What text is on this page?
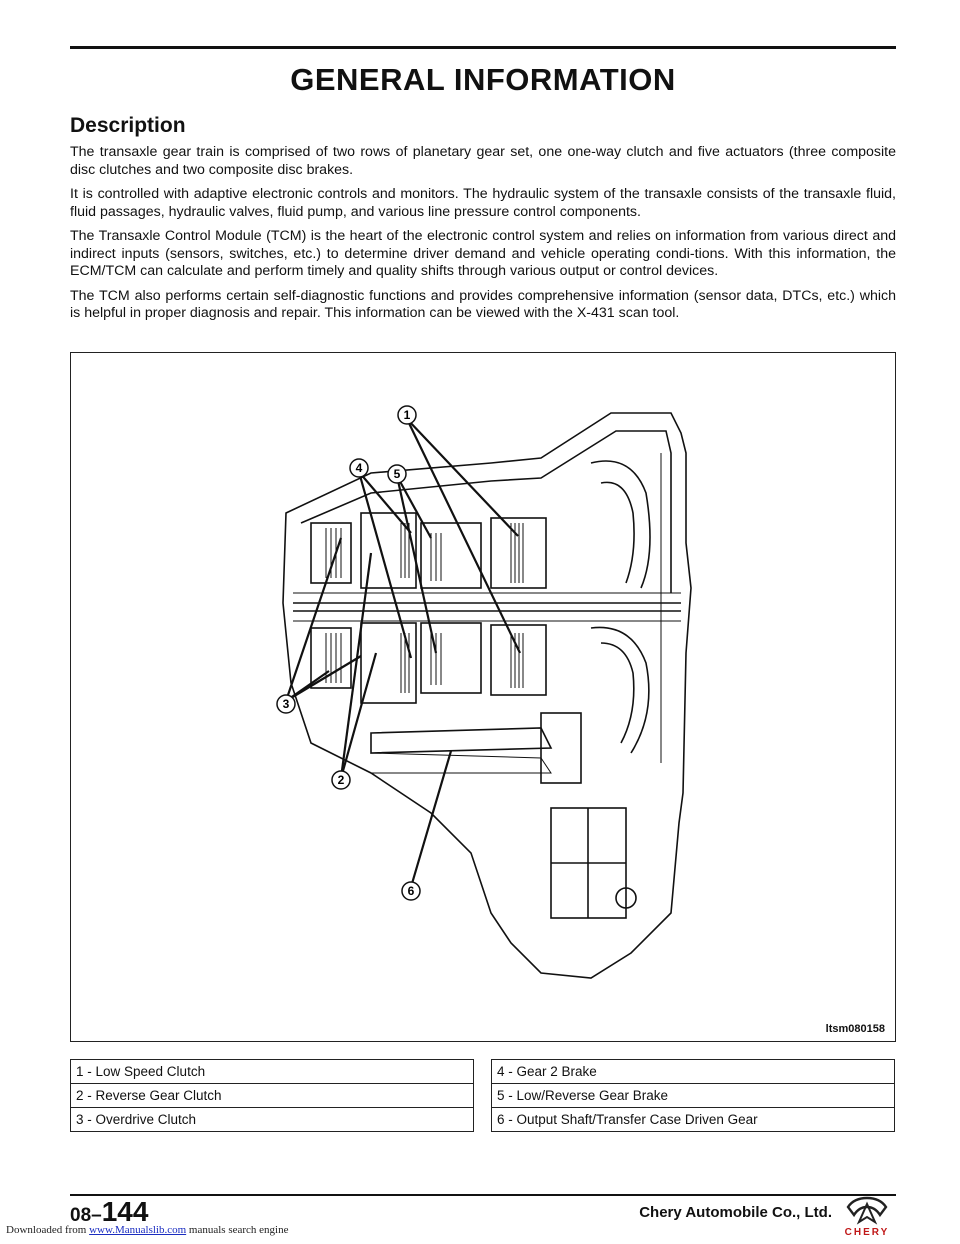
GENERAL INFORMATION
Description

The transaxle gear train is comprised of two rows of planetary gear set, one one-way clutch and five actuators (three composite disc clutches and two composite disc brakes.

It is controlled with adaptive electronic controls and monitors. The hydraulic system of the transaxle consists of the transaxle fluid, fluid passages, hydraulic valves, fluid pump, and various line pressure control components.

The Transaxle Control Module (TCM) is the heart of the electronic control system and relies on information from various direct and indirect inputs (sensors, switches, etc.) to determine driver demand and vehicle operating condi-tions. With this information, the ECM/TCM can calculate and perform timely and quality shifts through various output or control devices.

The TCM also performs certain self-diagnostic functions and provides comprehensive information (sensor data, DTCs, etc.) which is helpful in proper diagnosis and repair. This information can be viewed with the X-431 scan tool.

1
2
3
4	5
6
ltsm080158
1 - Low Speed Clutch
2 - Reverse Gear Clutch
3 - Overdrive Clutch
4 - Gear 2 Brake
5 - Low/Reverse Gear Brake
6 - Output Shaft/Transfer Case Driven Gear
08–144	Chery Automobile Co., Ltd.
CHERY
Downloaded from www.Manualslib.com manuals search engine
